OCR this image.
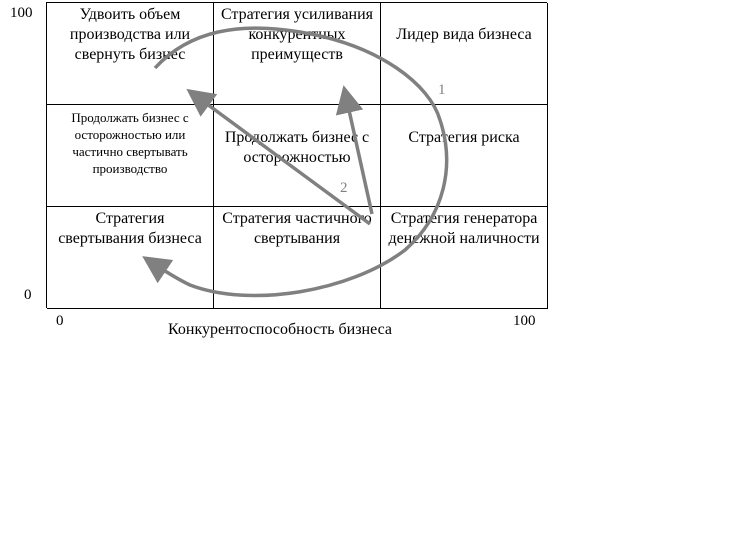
100
0
Удвоить объем производства или свернуть бизнес
Стратегия усиливания конкурентных преимуществ
Лидер вида бизнеса
Продолжать бизнес с осторожностью или частично свертывать производство
Продолжать бизнес с осторожностью
Стратегия риска
Стратегия свертывания бизнеса
Стратегия частичного свертывания
Стратегия генератора денежной наличности
0	100
Конкурентоспособность бизнеса
1
2
